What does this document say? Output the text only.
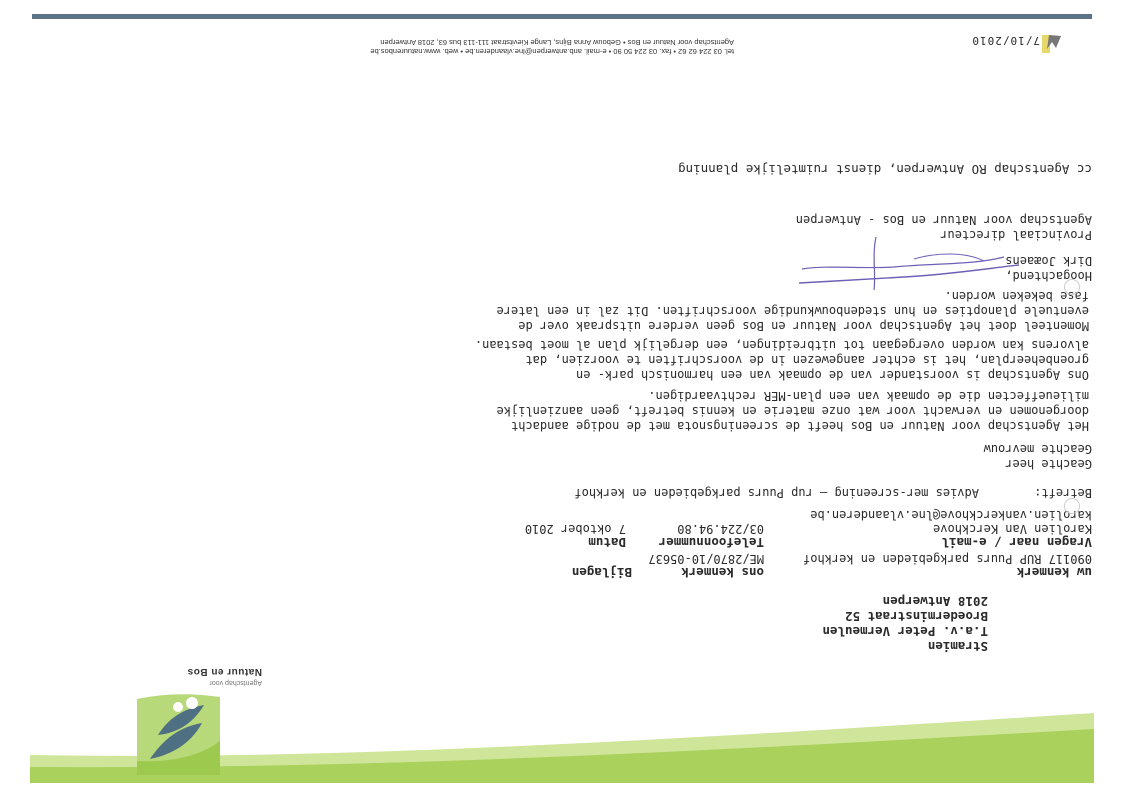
Agentschap voor
Natuur en Bos
Stramien
T.a.v. Peter Vermeulen
Broederminstraat 52
2018 Antwerpen
uw kenmerk
ons kenmerk
Bijlagen
090117 RUP Puurs parkgebieden en kerkhof
ME/2870/10-05637
Vragen naar / e-mail
Telefoonnummer
Datum
Karolien Van Kerckhove
03/224.94.80
7 oktober 2010
karolien.vankerckhove@lne.vlaanderen.be
Betreft:
Advies mer-screening – rup Puurs parkgebieden en kerkhof
Geachte heer
Geachte mevrouw
Het Agentschap voor Natuur en Bos heeft de screeningsnota met de nodige aandacht
doorgenomen en verwacht voor wat onze materie en kennis betreft, geen aanzienlijke
milieueffecten die de opmaak van een plan-MER rechtvaardigen.
Ons Agentschap is voorstander van de opmaak van een harmonisch park- en
groenbeheerplan, het is echter aangewezen in de voorschriften te voorzien, dat
alvorens kan worden overgegaan tot uitbreidingen, een dergelijk plan al moet bestaan.
Momenteel doet het Agentschap voor Natuur en Bos geen verdere uitspraak over de
eventuele planopties en hun stedenbouwkundige voorschriften. Dit zal in een latere
fase bekeken worden.
Hoogachtend,
Dirk Joæaens
Provinciaal directeur
Agentschap voor Natuur en Bos - Antwerpen
cc Agentschap RO Antwerpen, dienst ruimtelijke planning
Agentschap voor Natuur en Bos • Gebouw Anna Bijns, Lange Kievitstraat 111-113 bus 63, 2018 Antwerpen
tel. 03 224 62 62 • fax. 03 224 50 90 • e-mail. anb.antwerpen@lne.vlaanderen.be • web. www.natuurenbos.be
7/10/2010
